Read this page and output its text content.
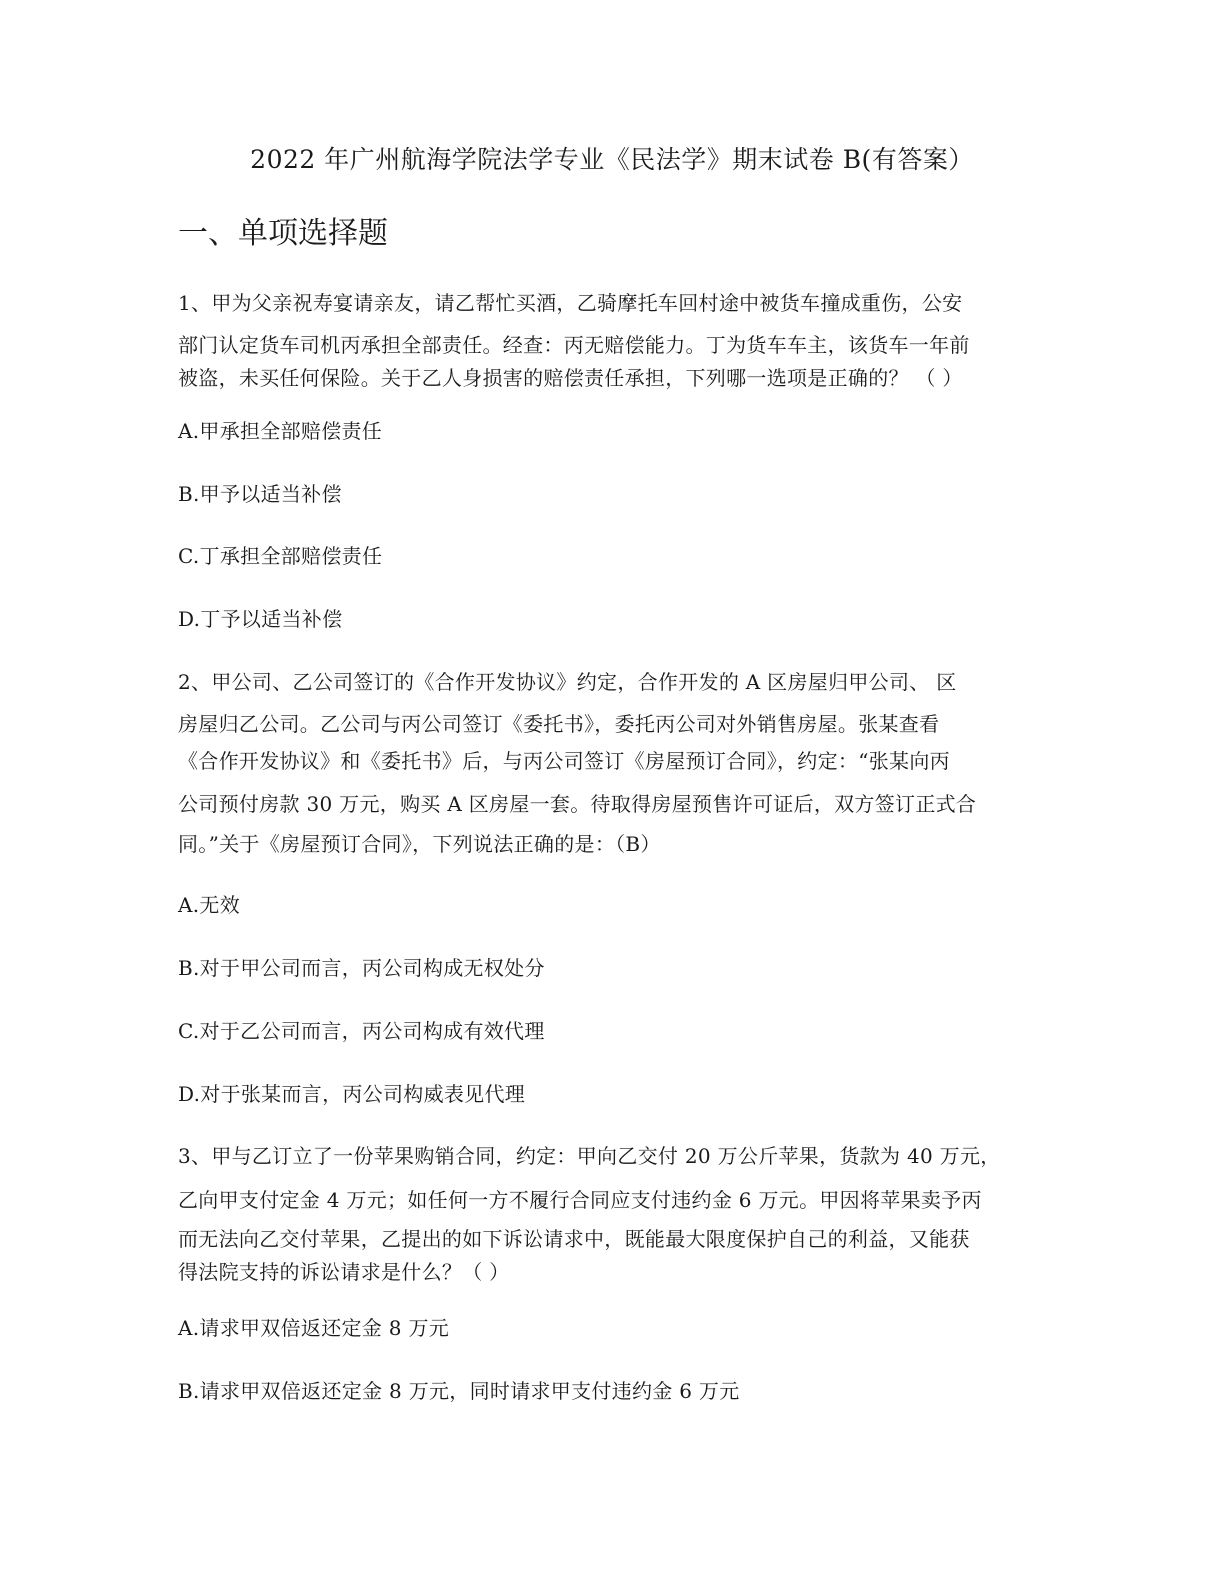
2022 年广州航海学院法学专业《民法学》期末试卷 B(有答案）
一、单项选择题
1、甲为父亲祝寿宴请亲友，请乙帮忙买酒，乙骑摩托车回村途中被货车撞成重伤，公安
部门认定货车司机丙承担全部责任。经查：丙无赔偿能力。丁为货车车主，该货车一年前
被盗，未买任何保险。关于乙人身损害的赔偿责任承担，下列哪一选项是正确的？ （ ）
A.甲承担全部赔偿责任
B.甲予以适当补偿
C.丁承担全部赔偿责任
D.丁予以适当补偿
2、甲公司、乙公司签订的《合作开发协议》约定，合作开发的 A 区房屋归甲公司、 区
房屋归乙公司。乙公司与丙公司签订《委托书》，委托丙公司对外销售房屋。张某查看
《合作开发协议》和《委托书》后，与丙公司签订《房屋预订合同》，约定：“张某向丙
公司预付房款 30 万元，购买 A 区房屋一套。待取得房屋预售许可证后，双方签订正式合
同。”关于《房屋预订合同》，下列说法正确的是：（B）
A.无效
B.对于甲公司而言，丙公司构成无权处分
C.对于乙公司而言，丙公司构成有效代理
D.对于张某而言，丙公司构威表见代理
3、甲与乙订立了一份苹果购销合同，约定：甲向乙交付 20 万公斤苹果，货款为 40 万元，
乙向甲支付定金 4 万元；如任何一方不履行合同应支付违约金 6 万元。甲因将苹果卖予丙
而无法向乙交付苹果，乙提出的如下诉讼请求中，既能最大限度保护自己的利益，又能获
得法院支持的诉讼请求是什么？（ ）
A.请求甲双倍返还定金 8 万元
B.请求甲双倍返还定金 8 万元，同时请求甲支付违约金 6 万元
